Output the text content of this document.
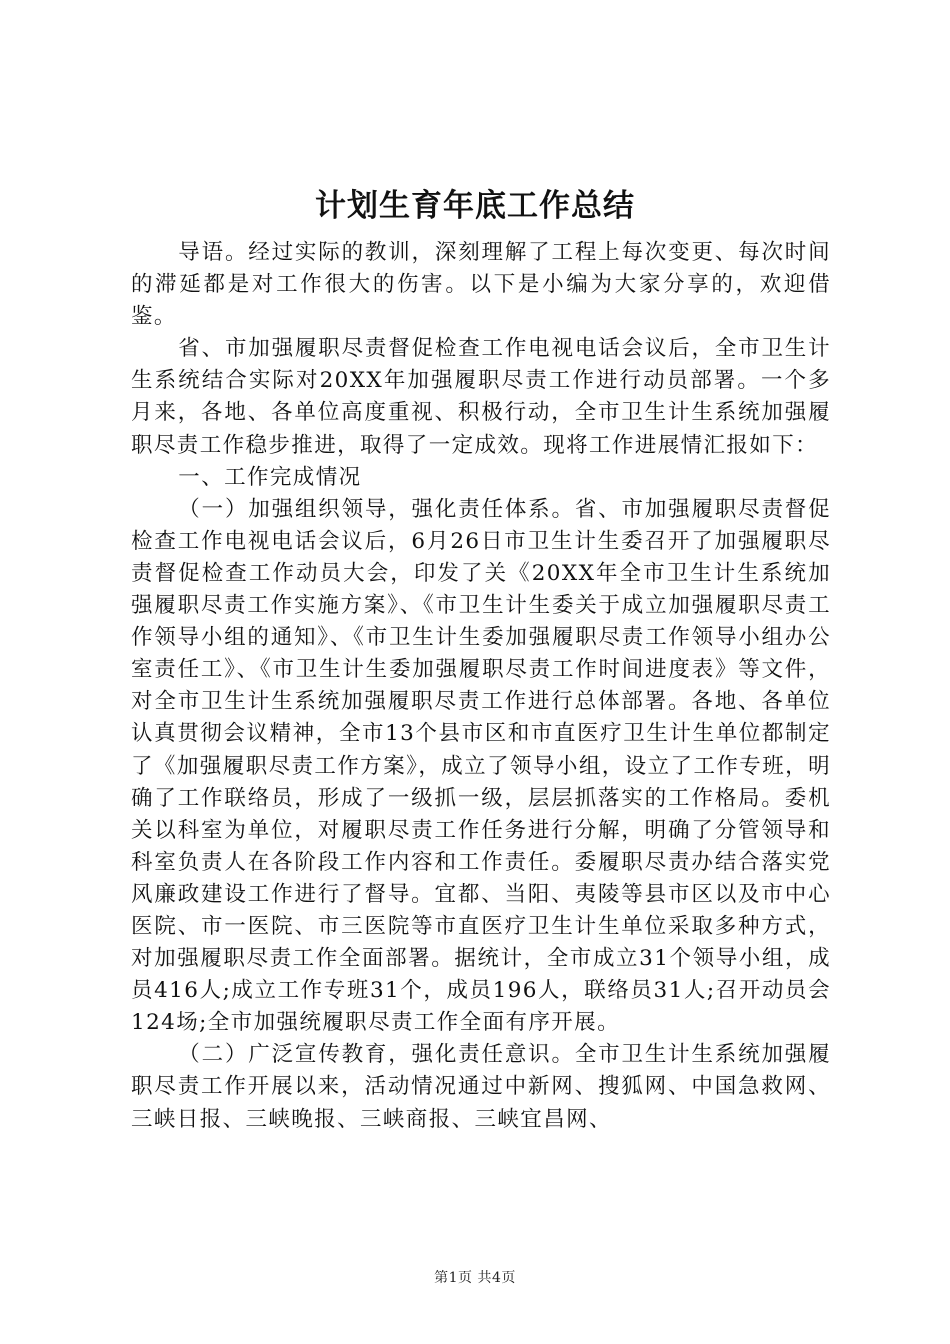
计划生育年底工作总结

导语。经过实际的教训，深刻理解了工程上每次变更、每次时间的滞延都是对工作很大的伤害。以下是小编为大家分享的，欢迎借鉴。

省、市加强履职尽责督促检查工作电视电话会议后，全市卫生计生系统结合实际对20XX年加强履职尽责工作进行动员部署。一个多月来，各地、各单位高度重视、积极行动，全市卫生计生系统加强履职尽责工作稳步推进，取得了一定成效。现将工作进展情汇报如下：

一、工作完成情况

（一）加强组织领导，强化责任体系。省、市加强履职尽责督促检查工作电视电话会议后，6月26日市卫生计生委召开了加强履职尽责督促检查工作动员大会，印发了关《20XX年全市卫生计生系统加强履职尽责工作实施方案》、《市卫生计生委关于成立加强履职尽责工作领导小组的通知》、《市卫生计生委加强履职尽责工作领导小组办公室责任工》、《市卫生计生委加强履职尽责工作时间进度表》等文件，对全市卫生计生系统加强履职尽责工作进行总体部署。各地、各单位认真贯彻会议精神，全市13个县市区和市直医疗卫生计生单位都制定了《加强履职尽责工作方案》，成立了领导小组，设立了工作专班，明确了工作联络员，形成了一级抓一级，层层抓落实的工作格局。委机关以科室为单位，对履职尽责工作任务进行分解，明确了分管领导和科室负责人在各阶段工作内容和工作责任。委履职尽责办结合落实党风廉政建设工作进行了督导。宜都、当阳、夷陵等县市区以及市中心医院、市一医院、市三医院等市直医疗卫生计生单位采取多种方式，对加强履职尽责工作全面部署。据统计，全市成立31个领导小组，成员416人;成立工作专班31个，成员196人，联络员31人;召开动员会124场;全市加强统履职尽责工作全面有序开展。

（二）广泛宣传教育，强化责任意识。全市卫生计生系统加强履职尽责工作开展以来，活动情况通过中新网、搜狐网、中国急救网、三峡日报、三峡晚报、三峡商报、三峡宜昌网、

第1页 共4页
